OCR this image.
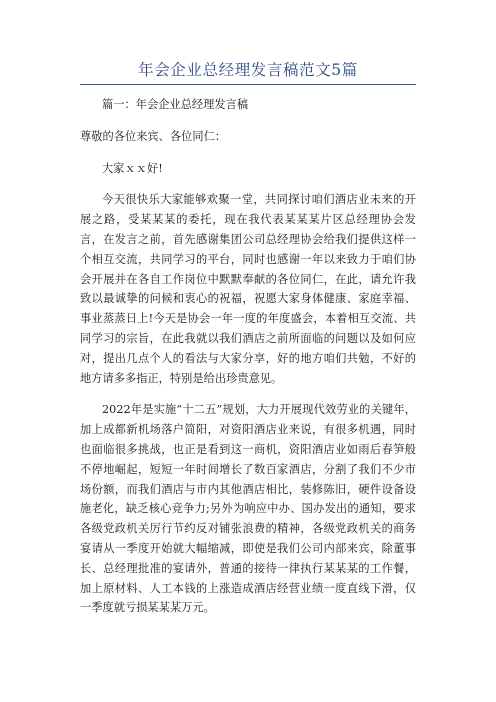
年会企业总经理发言稿范文5篇

篇一：年会企业总经理发言稿

尊敬的各位来宾、各位同仁：

大家ｘｘ好!

今天很快乐大家能够欢聚一堂，共同探讨咱们酒店业未来的开展之路，受某某某的委托，现在我代表某某某片区总经理协会发言，在发言之前，首先感谢集团公司总经理协会给我们提供这样一个相互交流，共同学习的平台，同时也感谢一年以来致力于咱们协会开展并在各自工作岗位中默默奉献的各位同仁，在此，请允许我致以最诚挚的问候和衷心的祝福，祝愿大家身体健康、家庭幸福、事业蒸蒸日上!今天是协会一年一度的年度盛会，本着相互交流、共同学习的宗旨，在此我就以我们酒店之前所面临的问题以及如何应对，提出几点个人的看法与大家分享，好的地方咱们共勉，不好的地方请多多指正，特别是给出珍贵意见。

2022年是实施“十二五”规划，大力开展现代效劳业的关键年，加上成都新机场落户简阳，对资阳酒店业来说，有很多机遇，同时也面临很多挑战，也正是看到这一商机，资阳酒店业如雨后春笋般不停地崛起，短短一年时间增长了数百家酒店，分割了我们不少市场份额，而我们酒店与市内其他酒店相比，装修陈旧，硬件设备设施老化，缺乏核心竞争力;另外为响应中办、国办发出的通知，要求各级党政机关厉行节约反对铺张浪费的精神，各级党政机关的商务宴请从一季度开始就大幅缩减，即使是我们公司内部来宾，除董事长、总经理批准的宴请外，普通的接待一律执行某某某的工作餐，加上原材料、人工本钱的上涨造成酒店经营业绩一度直线下滑，仅一季度就亏损某某某万元。
